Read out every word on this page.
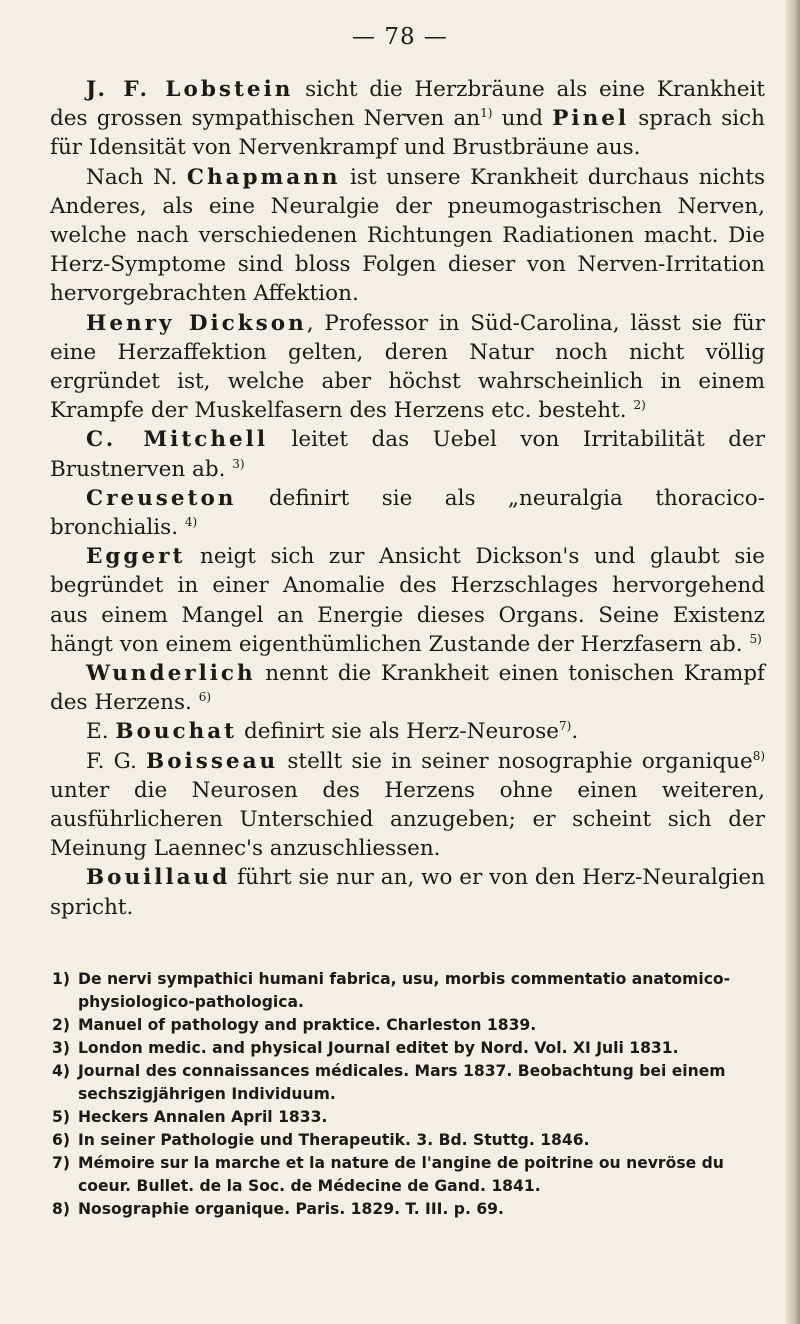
— 78 —

J. F. Lobstein sicht die Herzbräune als eine Krankheit des grossen sympathischen Nerven $an^{1)}$ und Pinel sprach sich für Idensität von Nervenkrampf und Brustbräune aus.

Nach N. Chapmann ist unsere Krankheit durchaus nichts Anderes, als eine Neuralgie der pneumogastrischen Nerven, welche nach verschiedenen Richtungen Radiationen macht. Die Herz-Symptome sind bloss Folgen dieser von Nerven-Irritation hervorgebrachten Affektion.

Henry Dickson, Professor in Süd-Carolina, lässt sie für eine Herzaffektion gelten, deren Natur noch nicht völlig ergründet ist, welche aber höchst wahrscheinlich in einem Krampfe der Muskelfasern des Herzens etc. besteht. $^{2)}$

C. Mitchell leitet das Uebel von Irritabilität der Brustnerven ab. $^{3)}$

Creuseton definirt sie als „neuralgia thoracico-bronchialis. $^{4)}$

Eggert neigt sich zur Ansicht Dickson's und glaubt sie begründet in einer Anomalie des Herzschlages hervorgehend aus einem Mangel an Energie dieses Organs. Seine Existenz hängt von einem eigenthümlichen Zustande der Herzfasern ab. $^{5)}$

Wunderlich nennt die Krankheit einen tonischen Krampf des Herzens. $^{6)}$

E. Bouchat definirt sie als Herz-Neurose$^{7)}$.

F. G. Boisseau stellt sie in seiner nosographie organique$^{8)}$ unter die Neurosen des Herzens ohne einen weiteren, ausführlicheren Unterschied anzugeben; er scheint sich der Meinung Laennec's anzuschliessen.

Bouillaud führt sie nur an, wo er von den Herz-Neuralgien spricht.

1) De nervi sympathici humani fabrica, usu, morbis commentatio anatomico-physiologico-pathologica.
2) Manuel of pathology and praktice. Charleston 1839.
3) London medic. and physical Journal editet by Nord. Vol. XI Juli 1831.
4) Journal des connaissances médicales. Mars 1837. Beobachtung bei einem sechszigjährigen Individuum.
5) Heckers Annalen April 1833.
6) In seiner Pathologie und Therapeutik. 3. Bd. Stuttg. 1846.
7) Mémoire sur la marche et la nature de l'angine de poitrine ou nevröse du coeur. Bullet. de la Soc. de Médecine de Gand. 1841.
8) Nosographie organique. Paris. 1829. T. III. p. 69.
